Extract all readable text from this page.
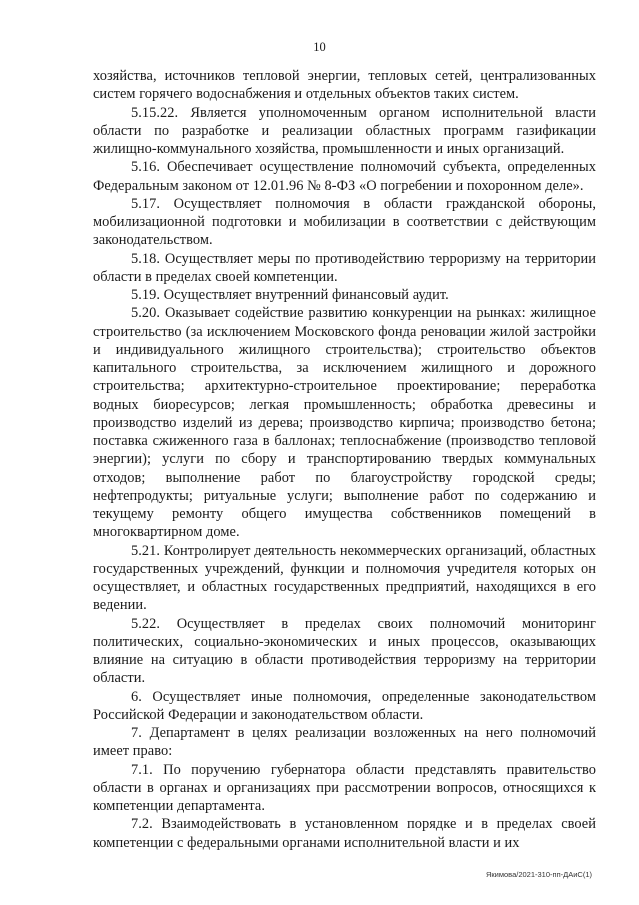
10

хозяйства, источников тепловой энергии, тепловых сетей, централизованных систем горячего водоснабжения и отдельных объектов таких систем.

5.15.22. Является уполномоченным органом исполнительной власти области по разработке и реализации областных программ газификации жилищно-коммунального хозяйства, промышленности и иных организаций.

5.16. Обеспечивает осуществление полномочий субъекта, определенных Федеральным законом от 12.01.96 № 8-ФЗ «О погребении и похоронном деле».

5.17. Осуществляет полномочия в области гражданской обороны, мобилизационной подготовки и мобилизации в соответствии с действующим законодательством.

5.18. Осуществляет меры по противодействию терроризму на территории области в пределах своей компетенции.

5.19. Осуществляет внутренний финансовый аудит.

5.20. Оказывает содействие развитию конкуренции на рынках: жилищное строительство (за исключением Московского фонда реновации жилой застройки и индивидуального жилищного строительства); строительство объектов капитального строительства, за исключением жилищного и дорожного строительства; архитектурно-строительное проектирование; переработка водных биоресурсов; легкая промышленность; обработка древесины и производство изделий из дерева; производство кирпича; производство бетона; поставка сжиженного газа в баллонах; теплоснабжение (производство тепловой энергии); услуги по сбору и транспортированию твердых коммунальных отходов; выполнение работ по благоустройству городской среды; нефтепродукты; ритуальные услуги; выполнение работ по содержанию и текущему ремонту общего имущества собственников помещений в многоквартирном доме.

5.21. Контролирует деятельность некоммерческих организаций, областных государственных учреждений, функции и полномочия учредителя которых он осуществляет, и областных государственных предприятий, находящихся в его ведении.

5.22. Осуществляет в пределах своих полномочий мониторинг политических, социально-экономических и иных процессов, оказывающих влияние на ситуацию в области противодействия терроризму на территории области.

6. Осуществляет иные полномочия, определенные законодательством Российской Федерации и законодательством области.

7. Департамент в целях реализации возложенных на него полномочий имеет право:

7.1. По поручению губернатора области представлять правительство области в органах и организациях при рассмотрении вопросов, относящихся к компетенции департамента.

7.2. Взаимодействовать в установленном порядке и в пределах своей компетенции с федеральными органами исполнительной власти и их

Якимова/2021-310-пп-ДАиС(1)
